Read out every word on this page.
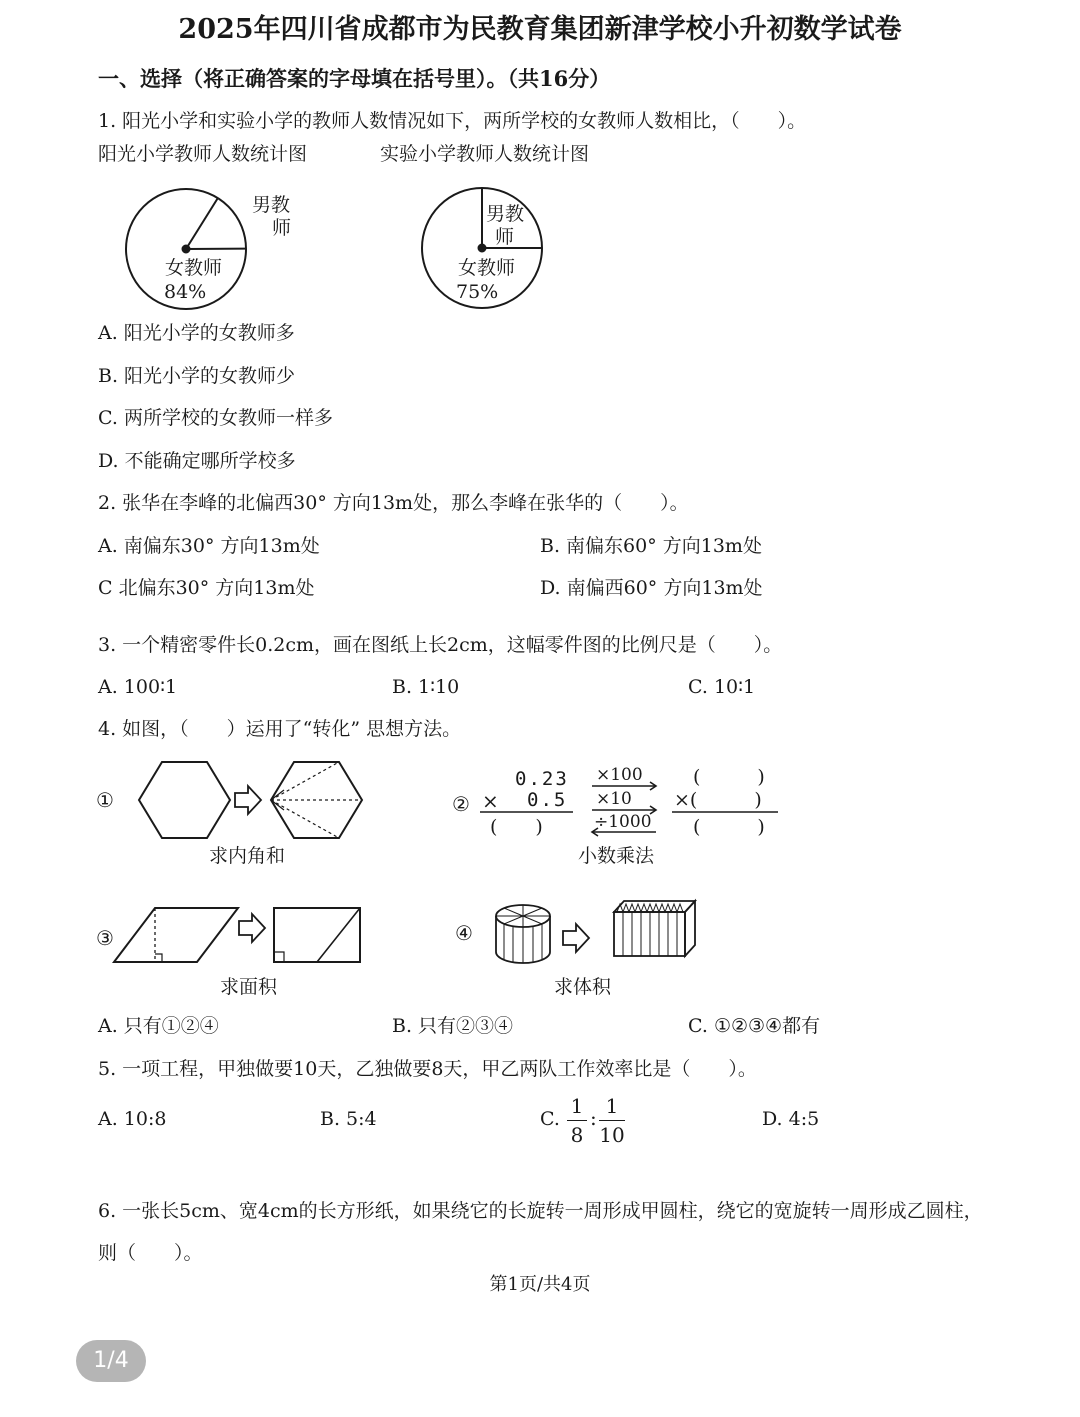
2025年四川省成都市为民教育集团新津学校小升初数学试卷
一、选择（将正确答案的字母填在括号里）。（共16分）
1. 阳光小学和实验小学的教师人数情况如下，两所学校的女教师人数相比，（　　）。
阳光小学教师人数统计图	实验小学教师人数统计图
男教
师
女教师
84%
男教
师
女教师
75%
A. 阳光小学的女教师多
B. 阳光小学的女教师少
C. 两所学校的女教师一样多
D. 不能确定哪所学校多
2. 张华在李峰的北偏西30° 方向13m处，那么李峰在张华的（　　）。
A. 南偏东30° 方向13m处	B. 南偏东60° 方向13m处
C 北偏东30° 方向13m处	D. 南偏西60° 方向13m处
3. 一个精密零件长0.2cm，画在图纸上长2cm，这幅零件图的比例尺是（　　）。
A. 100∶1	B. 1∶10	C. 10∶1
4. 如图，（　　）运用了“转化” 思想方法。
①
求内角和
②
0.23
× 0.5
(　　)
×100
×10
÷1000
(　　　)
×(　　　)
(　　　)
小数乘法
③
求面积
④
求体积
A. 只有①②④	B. 只有②③④	C. ①②③④都有
5. 一项工程，甲独做要10天，乙独做要8天，甲乙两队工作效率比是（　　）。
A. 10:8	B. 5:4	C.
1
8
: 1
10
D. 4:5
6. 一张长5cm、宽4cm的长方形纸，如果绕它的长旋转一周形成甲圆柱，绕它的宽旋转一周形成乙圆柱，
则（　　）。
第1页/共4页
1/4
